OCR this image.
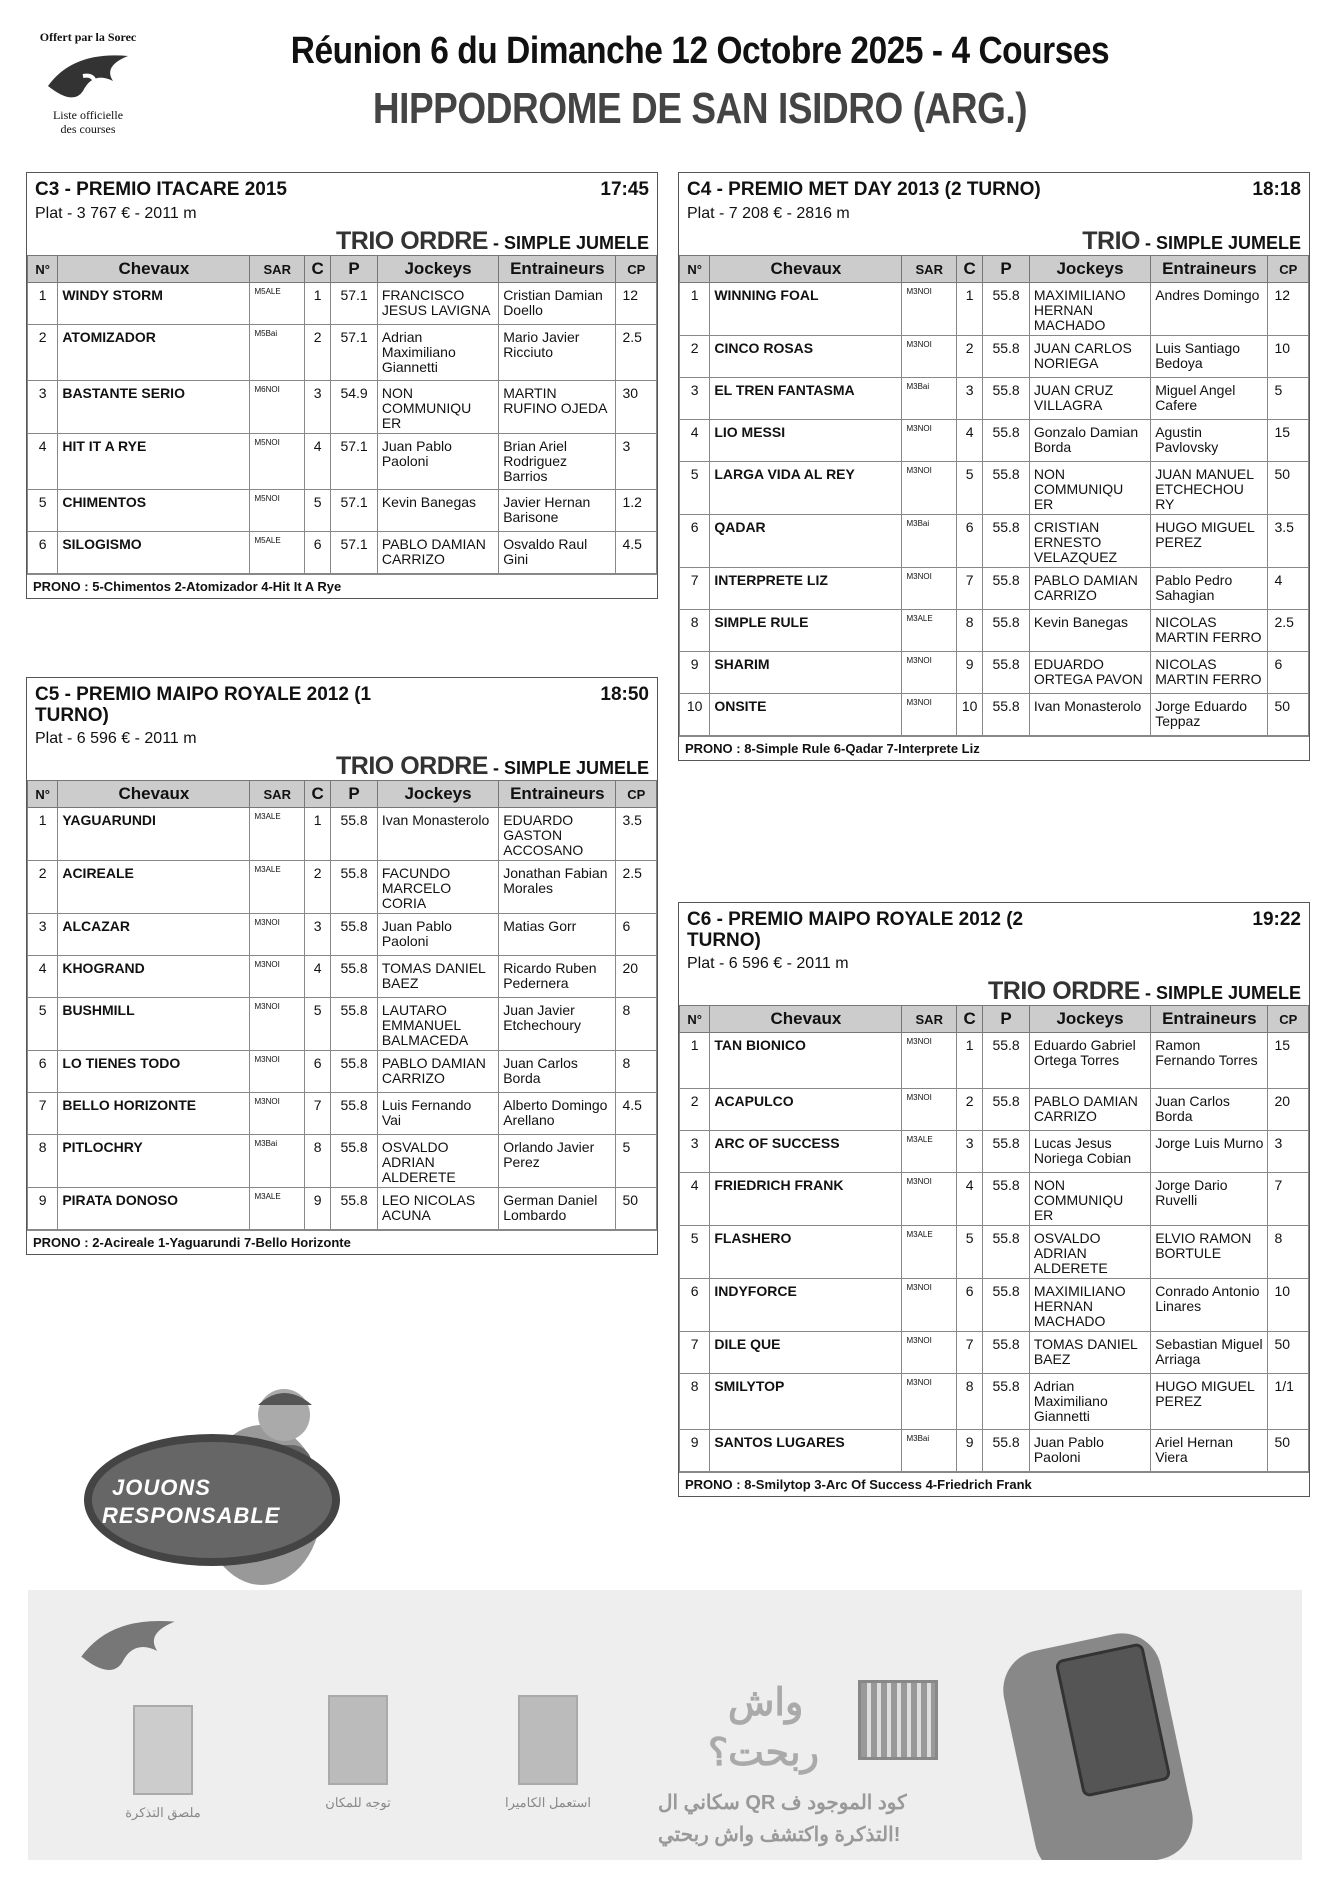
Offert par la Sorec
Liste officielle
des courses
Réunion 6 du Dimanche 12 Octobre 2025 - 4 Courses
HIPPODROME DE SAN ISIDRO (ARG.)
C3 - PREMIO ITACARE 2015	17:45
Plat - 3 767 € - 2011 m
TRIO ORDRE - SIMPLE JUMELE
N°	Chevaux	SAR	C	P	Jockeys	Entraineurs	CP
1	WINDY STORM	M5ALE	1	57.1	FRANCISCO JESUS LAVIGNA	Cristian Damian Doello	12
2	ATOMIZADOR	M5Bai	2	57.1	Adrian Maximiliano Giannetti	Mario Javier Ricciuto	2.5
3	BASTANTE SERIO	M6NOI	3	54.9	NON COMMUNIQU ER	MARTIN RUFINO OJEDA	30
4	HIT IT A RYE	M5NOI	4	57.1	Juan Pablo Paoloni	Brian Ariel Rodriguez Barrios	3
5	CHIMENTOS	M5NOI	5	57.1	Kevin Banegas	Javier Hernan Barisone	1.2
6	SILOGISMO	M5ALE	6	57.1	PABLO DAMIAN CARRIZO	Osvaldo Raul Gini	4.5
PRONO : 5-Chimentos 2-Atomizador 4-Hit It A Rye
C5 - PREMIO MAIPO ROYALE 2012 (1 TURNO)
18:50
Plat - 6 596 € - 2011 m
TRIO ORDRE - SIMPLE JUMELE
N°	Chevaux	SAR	C	P	Jockeys	Entraineurs	CP
1	YAGUARUNDI	M3ALE	1	55.8	Ivan Monasterolo	EDUARDO GASTON ACCOSANO	3.5
2	ACIREALE	M3ALE	2	55.8	FACUNDO MARCELO CORIA	Jonathan Fabian Morales	2.5
3	ALCAZAR	M3NOI	3	55.8	Juan Pablo Paoloni	Matias Gorr	6
4	KHOGRAND	M3NOI	4	55.8	TOMAS DANIEL BAEZ	Ricardo Ruben Pedernera	20
5	BUSHMILL	M3NOI	5	55.8	LAUTARO EMMANUEL BALMACEDA	Juan Javier Etchechoury	8
6	LO TIENES TODO	M3NOI	6	55.8	PABLO DAMIAN CARRIZO	Juan Carlos Borda	8
7	BELLO HORIZONTE	M3NOI	7	55.8	Luis Fernando Vai	Alberto Domingo Arellano	4.5
8	PITLOCHRY	M3Bai	8	55.8	OSVALDO ADRIAN ALDERETE	Orlando Javier Perez	5
9	PIRATA DONOSO	M3ALE	9	55.8	LEO NICOLAS ACUNA	German Daniel Lombardo	50
PRONO : 2-Acireale 1-Yaguarundi 7-Bello Horizonte
C4 - PREMIO MET DAY 2013 (2 TURNO)	18:18
Plat - 7 208 € - 2816 m
TRIO - SIMPLE JUMELE
N°	Chevaux	SAR	C	P	Jockeys	Entraineurs	CP
1	WINNING FOAL	M3NOI	1	55.8	MAXIMILIANO HERNAN MACHADO	Andres Domingo	12
2	CINCO ROSAS	M3NOI	2	55.8	JUAN CARLOS NORIEGA	Luis Santiago Bedoya	10
3	EL TREN FANTASMA	M3Bai	3	55.8	JUAN CRUZ VILLAGRA	Miguel Angel Cafere	5
4	LIO MESSI	M3NOI	4	55.8	Gonzalo Damian Borda	Agustin Pavlovsky	15
5	LARGA VIDA AL REY	M3NOI	5	55.8	NON COMMUNIQU ER	JUAN MANUEL ETCHECHOU RY	50
6	QADAR	M3Bai	6	55.8	CRISTIAN ERNESTO VELAZQUEZ	HUGO MIGUEL PEREZ	3.5
7	INTERPRETE LIZ	M3NOI	7	55.8	PABLO DAMIAN CARRIZO	Pablo Pedro Sahagian	4
8	SIMPLE RULE	M3ALE	8	55.8	Kevin Banegas	NICOLAS MARTIN FERRO	2.5
9	SHARIM	M3NOI	9	55.8	EDUARDO ORTEGA PAVON	NICOLAS MARTIN FERRO	6
10	ONSITE	M3NOI	10	55.8	Ivan Monasterolo	Jorge Eduardo Teppaz	50
PRONO : 8-Simple Rule 6-Qadar 7-Interprete Liz
C6 - PREMIO MAIPO ROYALE 2012 (2 TURNO)
19:22
Plat - 6 596 € - 2011 m
TRIO ORDRE - SIMPLE JUMELE
N°	Chevaux	SAR	C	P	Jockeys	Entraineurs	CP
1	TAN BIONICO	M3NOI	1	55.8	Eduardo Gabriel Ortega Torres	Ramon Fernando Torres	15
2	ACAPULCO	M3NOI	2	55.8	PABLO DAMIAN CARRIZO	Juan Carlos Borda	20
3	ARC OF SUCCESS	M3ALE	3	55.8	Lucas Jesus Noriega Cobian	Jorge Luis Murno	3
4	FRIEDRICH FRANK	M3NOI	4	55.8	NON COMMUNIQU ER	Jorge Dario Ruvelli	7
5	FLASHERO	M3ALE	5	55.8	OSVALDO ADRIAN ALDERETE	ELVIO RAMON BORTULE	8
6	INDYFORCE	M3NOI	6	55.8	MAXIMILIANO HERNAN MACHADO	Conrado Antonio Linares	10
7	DILE QUE	M3NOI	7	55.8	TOMAS DANIEL BAEZ	Sebastian Miguel Arriaga	50
8	SMILYTOP	M3NOI	8	55.8	Adrian Maximiliano Giannetti	HUGO MIGUEL PEREZ	1/1
9	SANTOS LUGARES	M3Bai	9	55.8	Juan Pablo Paoloni	Ariel Hernan Viera	50
PRONO : 8-Smilytop 3-Arc Of Success 4-Friedrich Frank
JOUONS
RESPONSABLE
ملصق التذكرة
توجه للمكان	استعمل الكاميرا
واش
ربحت؟
سكاني ال QR كود الموجود ف
التذكرة واكتشف واش ربحتي!
